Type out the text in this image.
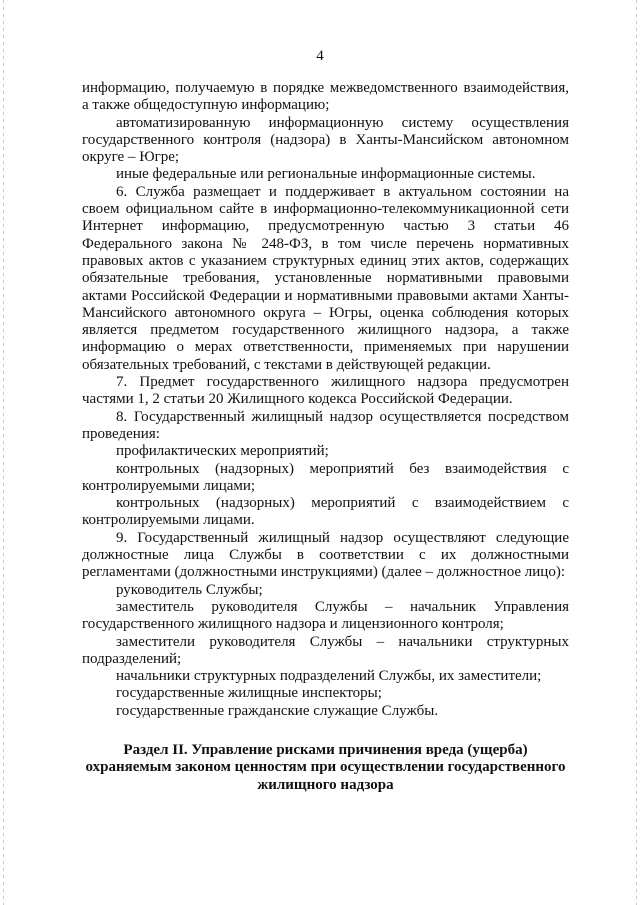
4

информацию, получаемую в порядке межведомственного взаимодействия, а также общедоступную информацию;

автоматизированную информационную систему осуществления государственного контроля (надзора) в Ханты-Мансийском автономном округе – Югре;

иные федеральные или региональные информационные системы.

6. Служба размещает и поддерживает в актуальном состоянии на своем официальном сайте в информационно-телекоммуникационной сети Интернет информацию, предусмотренную частью 3 статьи 46 Федерального закона № 248-ФЗ, в том числе перечень нормативных правовых актов с указанием структурных единиц этих актов, содержащих обязательные требования, установленные нормативными правовыми актами Российской Федерации и нормативными правовыми актами Ханты-Мансийского автономного округа – Югры, оценка соблюдения которых является предметом государственного жилищного надзора, а также информацию о мерах ответственности, применяемых при нарушении обязательных требований, с текстами в действующей редакции.

7. Предмет государственного жилищного надзора предусмотрен частями 1, 2 статьи 20 Жилищного кодекса Российской Федерации.

8. Государственный жилищный надзор осуществляется посредством проведения:

профилактических мероприятий;

контрольных (надзорных) мероприятий без взаимодействия с контролируемыми лицами;

контрольных (надзорных) мероприятий с взаимодействием с контролируемыми лицами.

9. Государственный жилищный надзор осуществляют следующие должностные лица Службы в соответствии с их должностными регламентами (должностными инструкциями) (далее – должностное лицо):

руководитель Службы;

заместитель руководителя Службы – начальник Управления государственного жилищного надзора и лицензионного контроля;

заместители руководителя Службы – начальники структурных подразделений;

начальники структурных подразделений Службы, их заместители;

государственные жилищные инспекторы;

государственные гражданские служащие Службы.

Раздел II. Управление рисками причинения вреда (ущерба) охраняемым законом ценностям при осуществлении государственного жилищного надзора
